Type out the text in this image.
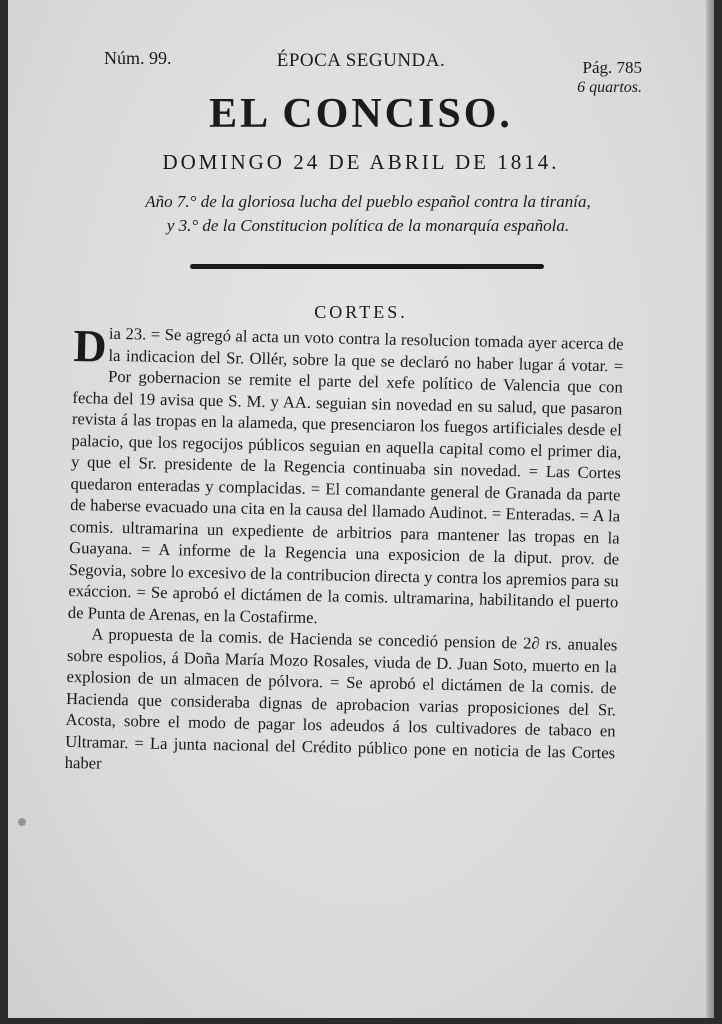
Núm. 99.	ÉPOCA SEGUNDA.	Pág. 785
6 quartos.
EL CONCISO.
DOMINGO 24 DE ABRIL DE 1814.
Año 7.° de la gloriosa lucha del pueblo español contra la tiranía,
y 3.° de la Constitucion política de la monarquía española.
CORTES.

D ia 23. = Se agregó al acta un voto contra la resolucion tomada ayer acerca de la indicacion del Sr. Ollér, sobre la que se declaró no haber lugar á votar. = Por gobernacion se remite el parte del xefe político de Valencia que con fecha del 19 avisa que S. M. y AA. seguian sin novedad en su salud, que pasaron revista á las tropas en la alameda, que presenciaron los fuegos artificiales desde el palacio, que los regocijos públicos seguian en aquella capital como el primer dia, y que el Sr. presidente de la Regencia continuaba sin novedad. = Las Cortes quedaron enteradas y complacidas. = El comandante general de Granada da parte de haberse evacuado una cita en la causa del llamado Audinot. = Enteradas. = A la comis. ultramarina un expediente de arbitrios para mantener las tropas en la Guayana. = A informe de la Regencia una exposicion de la diput. prov. de Segovia, sobre lo excesivo de la contribucion directa y contra los apremios para su exáccion. = Se aprobó el dictámen de la comis. ultramarina, habilitando el puerto de Punta de Arenas, en la Costafirme.

A propuesta de la comis. de Hacienda se concedió pension de 2∂ rs. anuales sobre espolios, á Doña María Mozo Rosales, viuda de D. Juan Soto, muerto en la explosion de un almacen de pólvora. = Se aprobó el dictámen de la comis. de Hacienda que consideraba dignas de aprobacion varias proposiciones del Sr. Acosta, sobre el modo de pagar los adeudos á los cultivadores de tabaco en Ultramar. = La junta nacional del Crédito público pone en noticia de las Cortes haber
